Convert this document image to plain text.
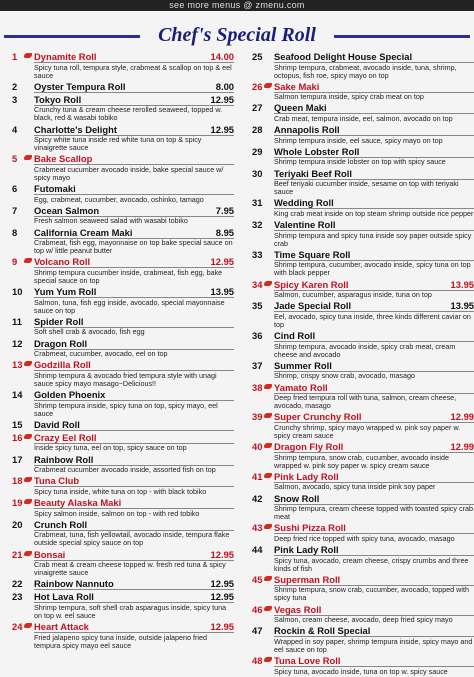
see more menus @ zmenu.com
Chef's Special Roll
1	Dynamite Roll	14.00
Spicy tuna roll, tempura style, crabmeat & scallop on top & eel sauce
2	Oyster Tempura Roll	8.00
3	Tokyo Roll	12.95
Crunchy tuna & cream cheese rerolled seaweed, topped w. black, red & wasabi tobiko
4	Charlotte's Delight	12.95
Spicy white tuna inside red white tuna on top & spicy vinaigrette sauce
5	Bake Scallop
Crabmeat cucumber avocado inside, bake special sauce w/ spicy mayo
6	Futomaki
Egg, crabmeat, cucumber, avocado, oshinko, tamago
7	Ocean Salmon	7.95
Fresh salmon seaweed salad with wasabi tobiko
8	California Cream Maki	8.95
Crabmeat, fish egg, mayonnaise on top bake special sauce on top w/ little peanut butter
9	Volcano Roll	12.95
Shrimp tempura cucumber inside, crabmeat, fish egg, bake special sauce on top
10	Yum Yum Roll	13.95
Salmon, tuna, fish egg inside, avocado, special mayonnaise sauce on top
11	Spider Roll
Soft shell crab & avocado, fish egg
12	Dragon Roll
Crabmeat, cucumber, avocado, eel on top
13	Godzilla Roll
Shrimp tempura & avocado fried tempura style with unagi sauce spicy mayo masago~Delicious!!
14	Golden Phoenix
Shrimp tempura inside, spicy tuna on top, spicy mayo, eel sauce
15	David Roll
16	Crazy Eel Roll
Inside spicy tuna, eel on top, spicy sauce on top
17	Rainbow Roll
Crabmeat cucumber avocado inside, assorted fish on top
18	Tuna Club
Spicy tuna inside, white tuna on top - with black tobiko
19	Beauty Alaska Maki
Spicy salmon inside, salmon on top - with red tobiko
20	Crunch Roll
Crabmeat, tuna, fish yellowtail, avocado inside, tempura flake outside special spicy sauce on top
21	Bonsai	12.95
Crab meat & cream cheese topped w. fresh red tuna & spicy vinaigrette sauce
22	Rainbow Nannuto	12.95
23	Hot Lava Roll	12.95
Shrimp tempura, soft shell crab asparagus inside, spicy tuna on top w. eel sauce
24	Heart Attack	12.95
Fried jalapeno spicy tuna inside, outside jalapeno fried tempura spicy mayo eel sauce
25	Seafood Delight House Special
Shrimp tempura, crabmeat, avocado inside, tuna, shrimp, octopus, fish roe, spicy mayo on top
26	Sake Maki
Salmon tempura inside, spicy crab meat on top
27	Queen Maki
Crab meat, tempura inside, eel, salmon, avocado on top
28	Annapolis Roll
Shrimp tempura inside, eel sauce, spicy mayo on top
29	Whole Lobster Roll
Shrimp tempura inside lobster on top with spicy sauce
30	Teriyaki Beef Roll
Beef teriyaki cucumber inside, sesame on top with teriyaki sauce
31	Wedding Roll
King crab meat inside on top steam shrimp outside rice pepper
32	Valentine Roll
Shrimp tempura and spicy tuna inside soy paper outside spicy crab
33	Time Square Roll
Shrimp tempura, cucumber, avocado inside, spicy tuna on top with black pepper
34	Spicy Karen Roll	13.95
Salmon, cucumber, asparagus inside, tuna on top
35	Jade Special Roll	13.95
Eel, avocado, spicy tuna inside, three kinds different caviar on top
36	Cind Roll
Shrimp tempura, avocado inside, spicy crab meat, cream cheese and avocado
37	Summer Roll
Shrimp, crispy snow crab, avocado, masago
38	Yamato Roll
Deep fried tempura roll with tuna, salmon, cream cheese, avocado, masago
39	Super Crunchy Roll	12.99
Crunchy shrimp, spicy mayo wrapped w. pink soy paper w. spicy cream sauce
40	Dragon Fly Roll	12.99
Shrimp tempura, snow crab, cucumber, avocado inside wrapped w. pink soy paper w. spicy cream sauce
41	Pink Lady Roll
Salmon, avocado, spicy tuna inside pink soy paper
42	Snow Roll
Shrimp tempura, cream cheese topped with toasted spicy crab meat
43	Sushi Pizza Roll
Deep fried rice topped with spicy tuna, avocado, masago
44	Pink Lady Roll
Spicy tuna, avocado, cream cheese, crispy crumbs and three kinds of fish
45	Superman Roll
Shrimp tempura, snow crab, cucumber, avocado, topped with spicy tuna
46	Vegas Roll
Salmon, cream cheese, avocado, deep fried spicy mayo
47	Rockin & Roll Special
Wrapped in soy paper, shrimp tempura inside, spicy mayo and eel sauce on top
48	Tuna Love Roll
Spicy tuna, avocado inside, tuna on top w. spicy sauce
